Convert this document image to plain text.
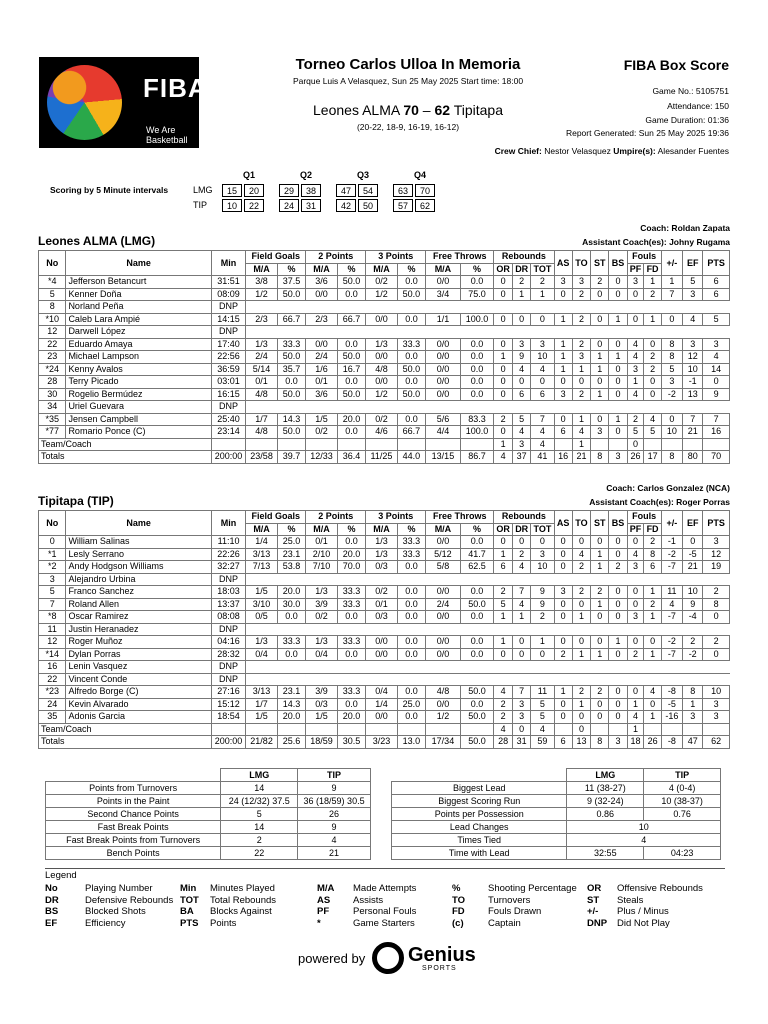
FIBA
We Are Basketball
Torneo Carlos Ulloa In Memoria
Parque Luis A Velasquez, Sun 25 May 2025 Start time: 18:00
Leones ALMA 70 – 62 Tipitapa
(20-22, 18-9, 16-19, 16-12)
FIBA Box Score
Game No.: 5105751
Attendance: 150
Game Duration: 01:36
Report Generated: Sun 25 May 2025 19:36
Crew Chief: Nestor Velasquez Umpire(s): Alesander Fuentes
Scoring by 5 Minute intervals
Q1	Q2	Q3	Q4
LMG	15	20	29	38	47	54	63	70
TIP	10	22	24	31	42	50	57	62
Coach: Roldan Zapata
Leones ALMA (LMG)	Assistant Coach(es): Johny Rugama
No	Name	Min	Field Goals		2 Points		3 Points		Free Throws		Rebounds			AS	TO	ST	BS	Fouls		+/-	EF	PTS
			M/A	%	M/A	%	M/A	%	M/A	%	OR	DR	TOT					PF	FD			
*4	Jefferson Betancurt	31:51	3/8	37.5	3/6	50.0	0/2	0.0	0/0	0.0	0	2	2	3	3	2	0	3	1	1	5	6
5	Kenner Doña	08:09	1/2	50.0	0/0	0.0	1/2	50.0	3/4	75.0	0	1	1	0	2	0	0	0	2	7	3	6
8	Norland Peña	DNP																				
*10	Caleb Lara Ampié	14:15	2/3	66.7	2/3	66.7	0/0	0.0	1/1	100.0	0	0	0	1	2	0	1	0	1	0	4	5
12	Darwell López	DNP																				
22	Eduardo Amaya	17:40	1/3	33.3	0/0	0.0	1/3	33.3	0/0	0.0	0	3	3	1	2	0	0	4	0	8	3	3
23	Michael Lampson	22:56	2/4	50.0	2/4	50.0	0/0	0.0	0/0	0.0	1	9	10	1	3	1	1	4	2	8	12	4
*24	Kenny Avalos	36:59	5/14	35.7	1/6	16.7	4/8	50.0	0/0	0.0	0	4	4	1	1	1	0	3	2	5	10	14
28	Terry Picado	03:01	0/1	0.0	0/1	0.0	0/0	0.0	0/0	0.0	0	0	0	0	0	0	0	1	0	3	-1	0
30	Rogelio Bermúdez	16:15	4/8	50.0	3/6	50.0	1/2	50.0	0/0	0.0	0	6	6	3	2	1	0	4	0	-2	13	9
34	Uriel Guevara	DNP																				
*35	Jensen Campbell	25:40	1/7	14.3	1/5	20.0	0/2	0.0	5/6	83.3	2	5	7	0	1	0	1	2	4	0	7	7
*77	Romario Ponce (C)	23:14	4/8	50.0	0/2	0.0	4/6	66.7	4/4	100.0	0	4	4	6	4	3	0	5	5	10	21	16
Team/Coach											1	3	4		1			0				
Totals		200:00	23/58	39.7	12/33	36.4	11/25	44.0	13/15	86.7	4	37	41	16	21	8	3	26	17	8	80	70
Coach: Carlos Gonzalez (NCA)
Tipitapa (TIP)	Assistant Coach(es): Roger Porras
No	Name	Min	Field Goals		2 Points		3 Points		Free Throws		Rebounds			AS	TO	ST	BS	Fouls		+/-	EF	PTS
			M/A	%	M/A	%	M/A	%	M/A	%	OR	DR	TOT					PF	FD			
0	William Salinas	11:10	1/4	25.0	0/1	0.0	1/3	33.3	0/0	0.0	0	0	0	0	0	0	0	0	2	-1	0	3
*1	Lesly Serrano	22:26	3/13	23.1	2/10	20.0	1/3	33.3	5/12	41.7	1	2	3	0	4	1	0	4	8	-2	-5	12
*2	Andy Hodgson Williams	32:27	7/13	53.8	7/10	70.0	0/3	0.0	5/8	62.5	6	4	10	0	2	1	2	3	6	-7	21	19
3	Alejandro Urbina	DNP																				
5	Franco Sanchez	18:03	1/5	20.0	1/3	33.3	0/2	0.0	0/0	0.0	2	7	9	3	2	2	0	0	1	11	10	2
7	Roland Allen	13:37	3/10	30.0	3/9	33.3	0/1	0.0	2/4	50.0	5	4	9	0	0	1	0	0	2	4	9	8
*8	Oscar Ramirez	08:08	0/5	0.0	0/2	0.0	0/3	0.0	0/0	0.0	1	1	2	0	1	0	0	3	1	-7	-4	0
11	Justin Heranadez	DNP																				
12	Roger Muñoz	04:16	1/3	33.3	1/3	33.3	0/0	0.0	0/0	0.0	1	0	1	0	0	0	1	0	0	-2	2	2
*14	Dylan Porras	28:32	0/4	0.0	0/4	0.0	0/0	0.0	0/0	0.0	0	0	0	2	1	1	0	2	1	-7	-2	0
16	Lenin Vasquez	DNP																				
22	Vincent Conde	DNP																				
*23	Alfredo Borge (C)	27:16	3/13	23.1	3/9	33.3	0/4	0.0	4/8	50.0	4	7	11	1	2	2	0	0	4	-8	8	10
24	Kevin Alvarado	15:12	1/7	14.3	0/3	0.0	1/4	25.0	0/0	0.0	2	3	5	0	1	0	0	1	0	-5	1	3
35	Adonis Garcia	18:54	1/5	20.0	1/5	20.0	0/0	0.0	1/2	50.0	2	3	5	0	0	0	0	4	1	-16	3	3
Team/Coach											4	0	4		0			1				
Totals		200:00	21/82	25.6	18/59	30.5	3/23	13.0	17/34	50.0	28	31	59	6	13	8	3	18	26	-8	47	62
	LMG	TIP
Points from Turnovers	14	9
Points in the Paint	24 (12/32) 37.5	36 (18/59) 30.5
Second Chance Points	5	26
Fast Break Points	14	9
Fast Break Points from Turnovers	2	4
Bench Points	22	21
	LMG	TIP
Biggest Lead	11 (38-27)	4 (0-4)
Biggest Scoring Run	9 (32-24)	10 (38-37)
Points per Possession	0.86	0.76
Lead Changes	10	
Times Tied	4	
Time with Lead	32:55	04:23
Legend
No	Playing Number	Min Minutes Played	M/A Made Attempts	%	Shooting Percentage OR Offensive Rebounds
DR	Defensive Rebounds TOT Total Rebounds	AS Assists	TO Turnovers	ST Steals
BS	Blocked Shots	BA Blocks Against	PF	Personal Fouls	FD Fouls Drawn	+/- Plus / Minus
EF	Efficiency	PTS Points	*	Game Starters	(c)	Captain	DNP Did Not Play
powered by Genius
SPORTS
